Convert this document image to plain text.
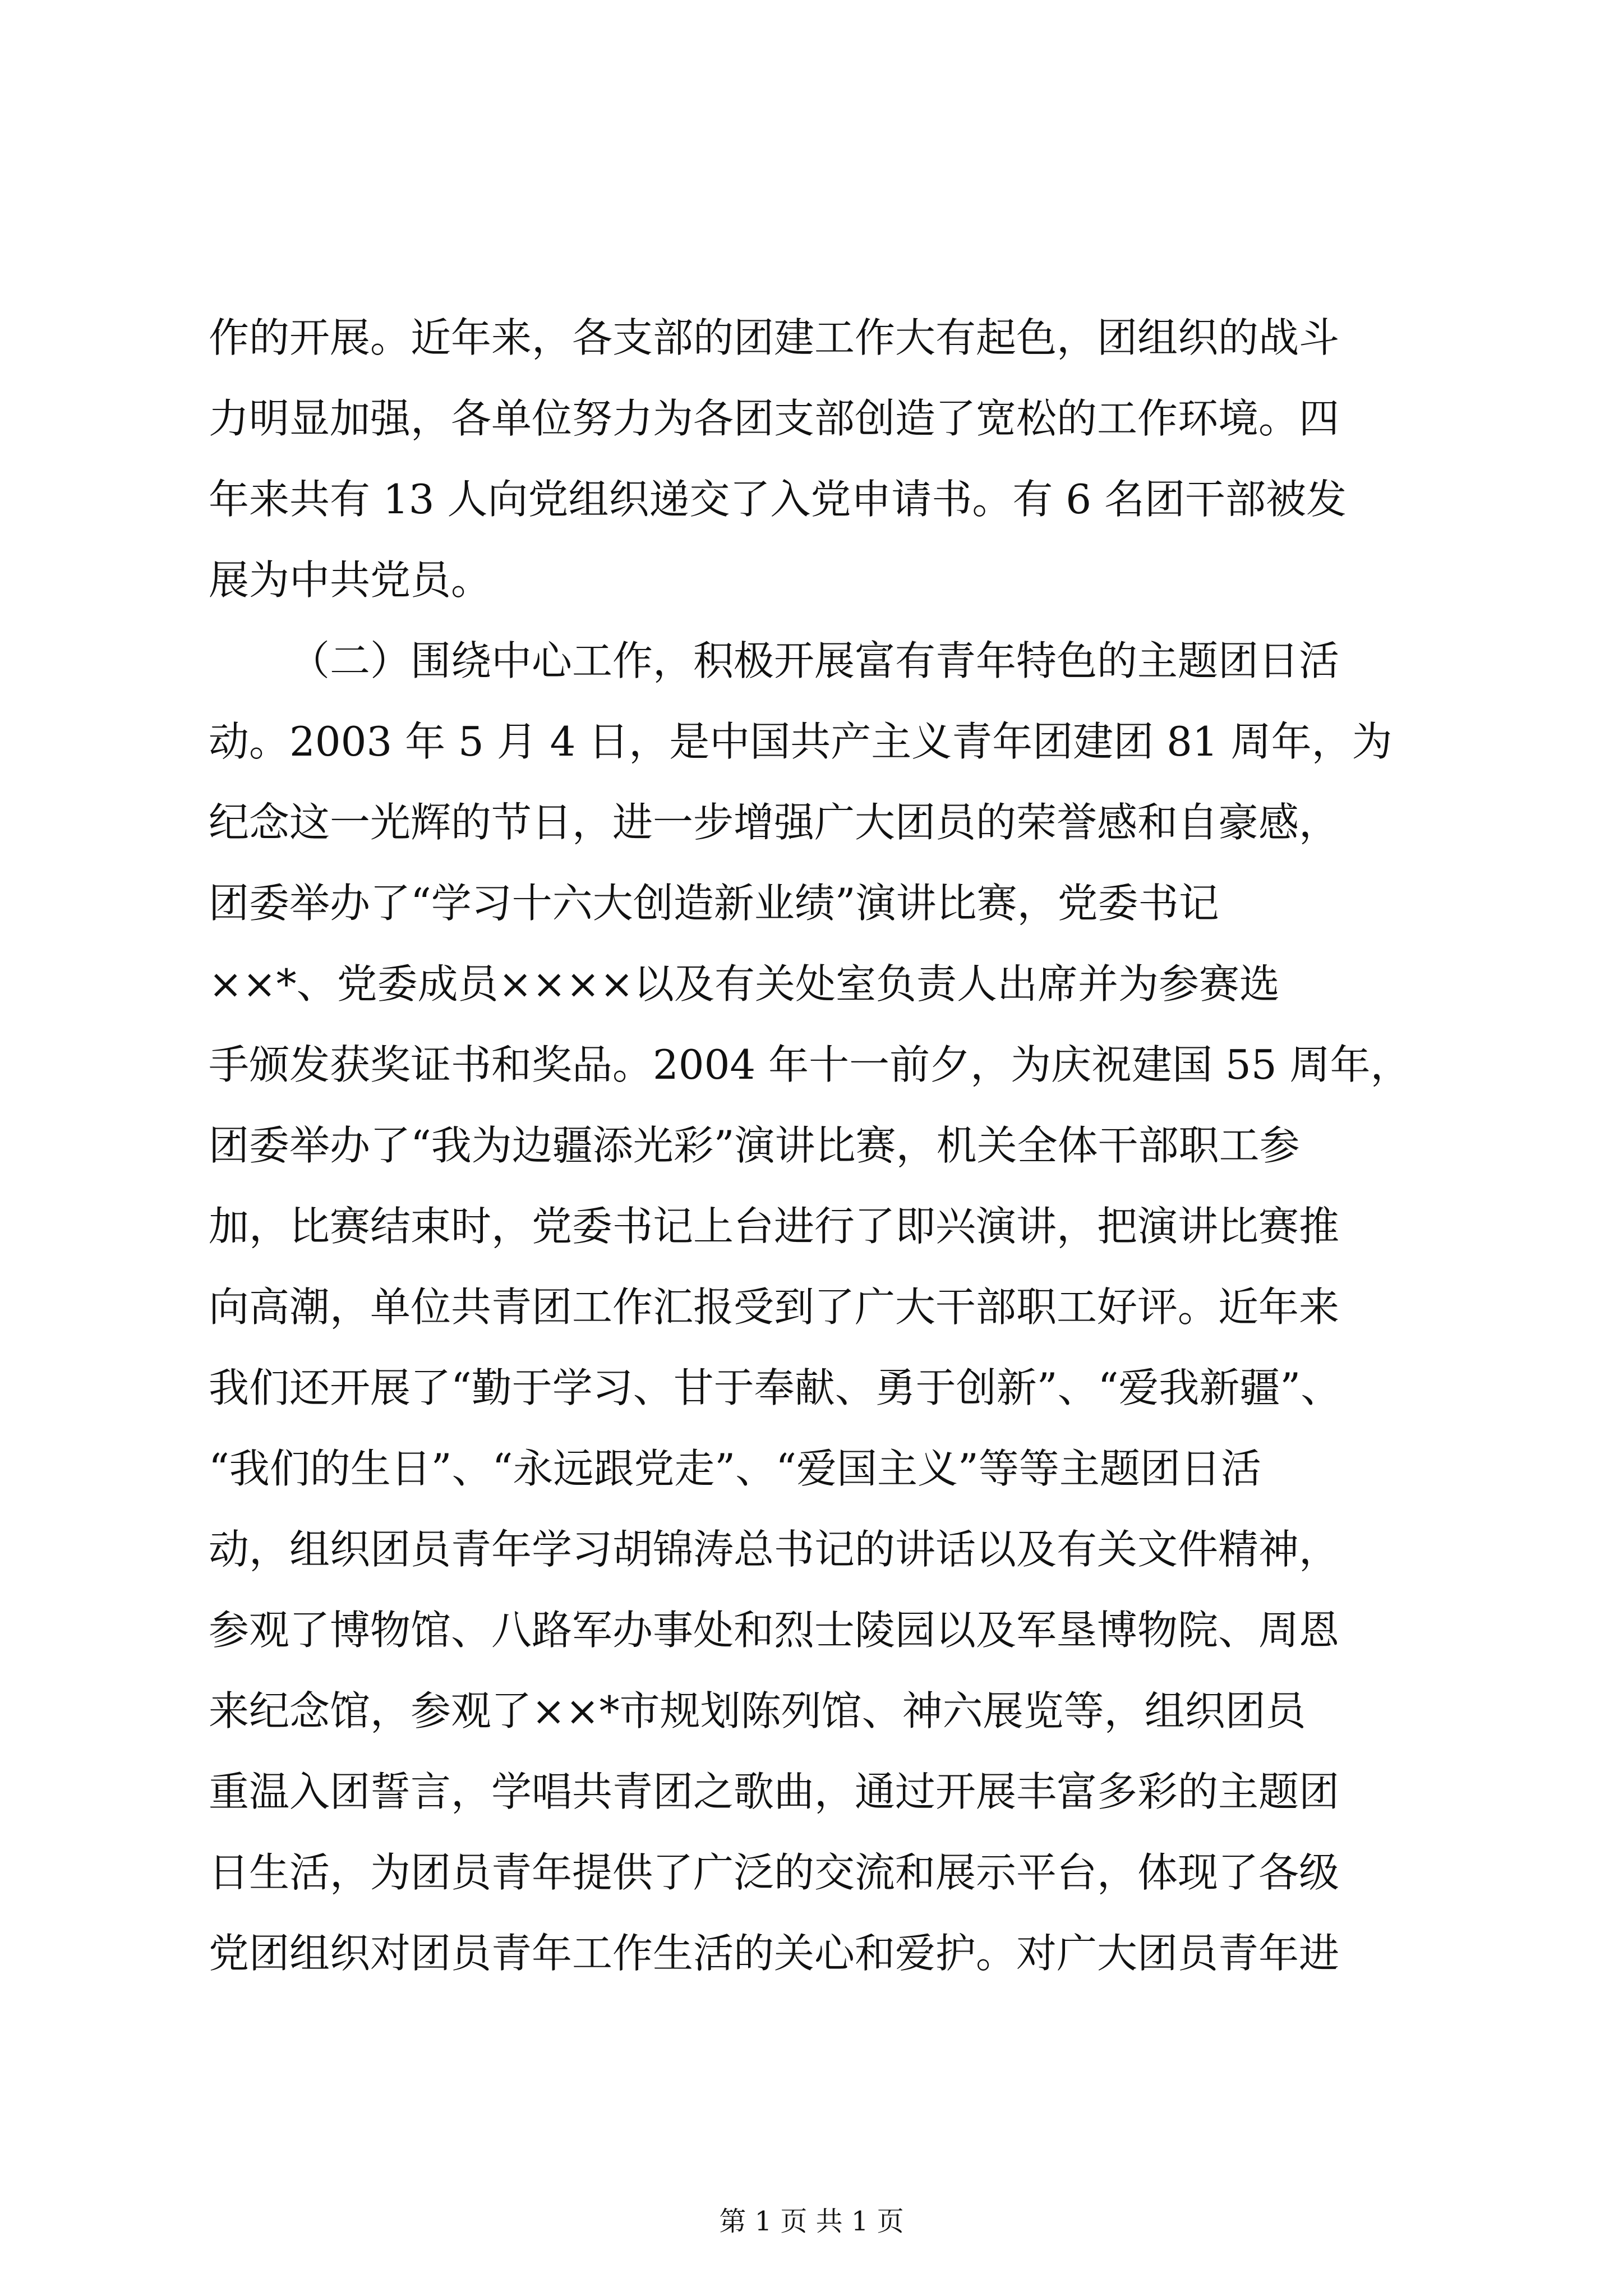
作的开展。近年来，各支部的团建工作大有起色，团组织的战斗
力明显加强，各单位努力为各团支部创造了宽松的工作环境。四
年来共有 13 人向党组织递交了入党申请书。有 6 名团干部被发
展为中共党员。
（二）围绕中心工作，积极开展富有青年特色的主题团日活
动。2003 年 5 月 4 日，是中国共产主义青年团建团 81 周年，为
纪念这一光辉的节日，进一步增强广大团员的荣誉感和自豪感，
团委举办了“学习十六大创造新业绩”演讲比赛，党委书记
××*、党委成员××××以及有关处室负责人出席并为参赛选
手颁发获奖证书和奖品。2004 年十一前夕，为庆祝建国 55 周年，
团委举办了“我为边疆添光彩”演讲比赛，机关全体干部职工参
加，比赛结束时，党委书记上台进行了即兴演讲，把演讲比赛推
向高潮，单位共青团工作汇报受到了广大干部职工好评。近年来
我们还开展了“勤于学习、甘于奉献、勇于创新”、“爱我新疆”、
“我们的生日”、“永远跟党走”、“爱国主义”等等主题团日活
动，组织团员青年学习胡锦涛总书记的讲话以及有关文件精神，
参观了博物馆、八路军办事处和烈士陵园以及军垦博物院、周恩
来纪念馆，参观了××*市规划陈列馆、神六展览等，组织团员
重温入团誓言，学唱共青团之歌曲，通过开展丰富多彩的主题团
日生活，为团员青年提供了广泛的交流和展示平台，体现了各级
党团组织对团员青年工作生活的关心和爱护。对广大团员青年进
第 1 页 共 1 页
